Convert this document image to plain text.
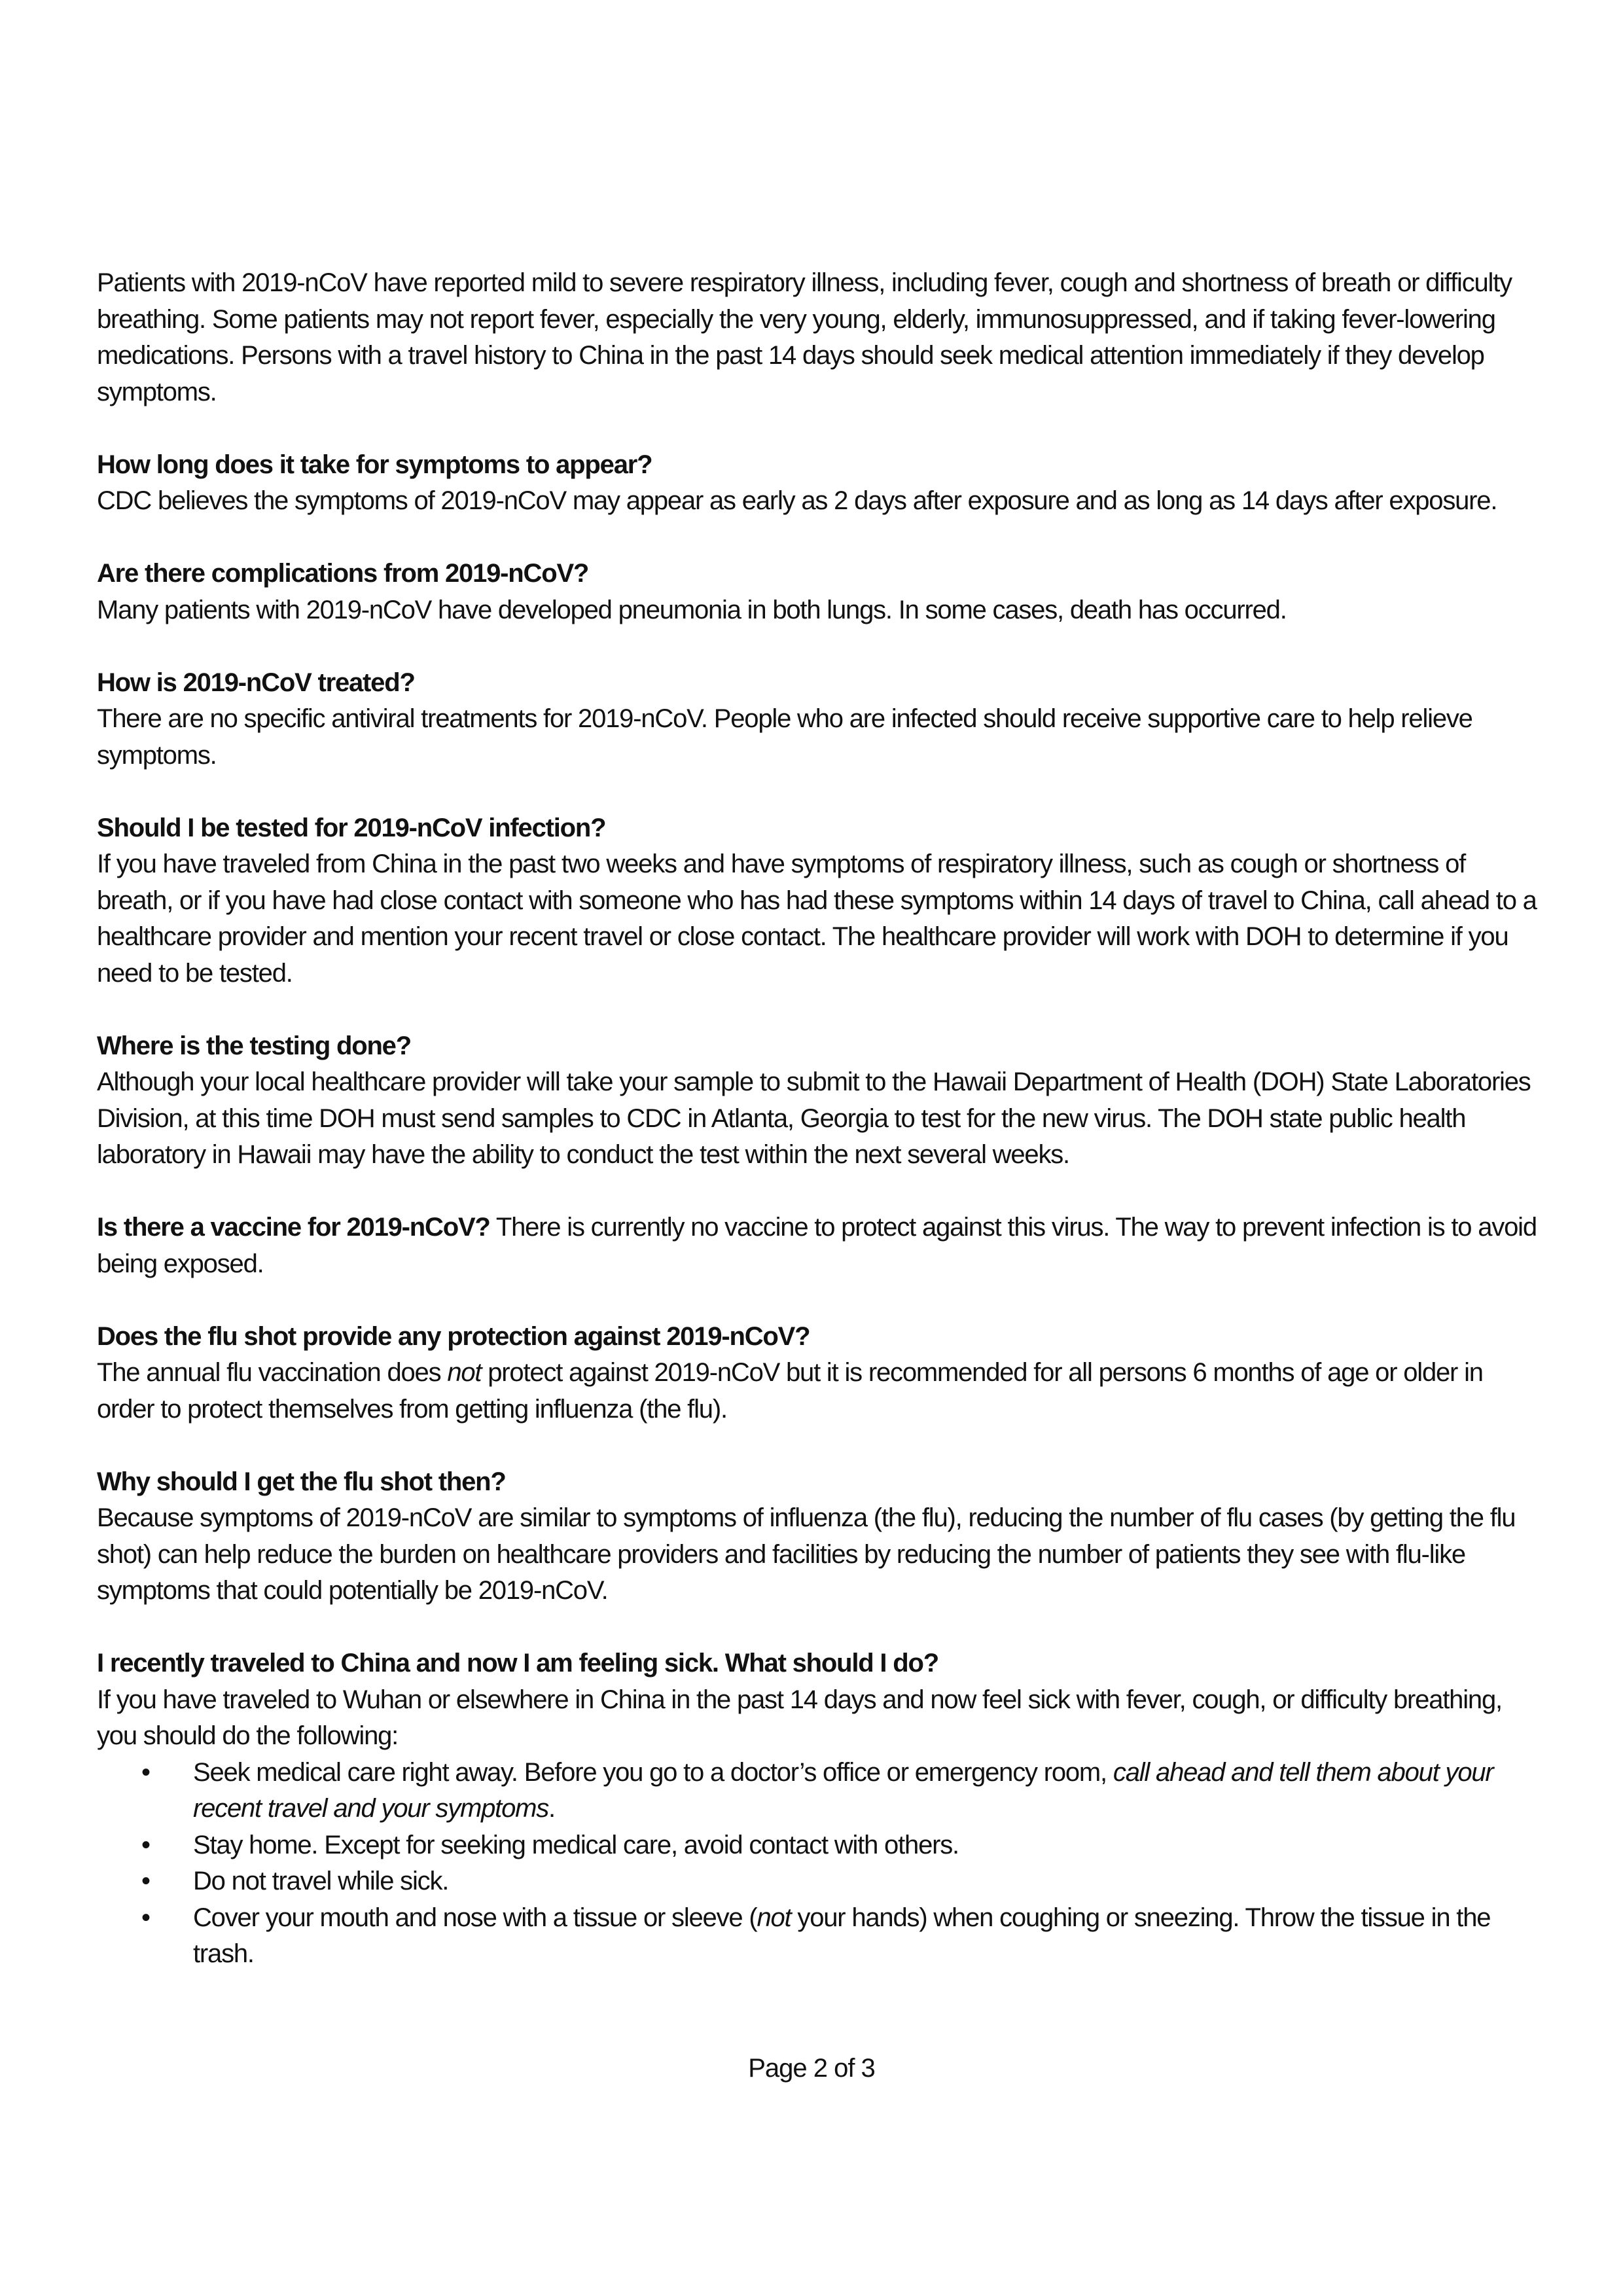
Patients with 2019-nCoV have reported mild to severe respiratory illness, including fever, cough and shortness of breath or difficulty breathing. Some patients may not report fever, especially the very young, elderly, immunosuppressed, and if taking fever-lowering medications. Persons with a travel history to China in the past 14 days should seek medical attention immediately if they develop symptoms.

How long does it take for symptoms to appear?
CDC believes the symptoms of 2019-nCoV may appear as early as 2 days after exposure and as long as 14 days after exposure.

Are there complications from 2019-nCoV?
Many patients with 2019-nCoV have developed pneumonia in both lungs. In some cases, death has occurred.

How is 2019-nCoV treated?
There are no specific antiviral treatments for 2019-nCoV. People who are infected should receive supportive care to help relieve symptoms.

Should I be tested for 2019-nCoV infection?
If you have traveled from China in the past two weeks and have symptoms of respiratory illness, such as cough or shortness of breath, or if you have had close contact with someone who has had these symptoms within 14 days of travel to China, call ahead to a healthcare provider and mention your recent travel or close contact. The healthcare provider will work with DOH to determine if you need to be tested.

Where is the testing done?
Although your local healthcare provider will take your sample to submit to the Hawaii Department of Health (DOH) State Laboratories Division, at this time DOH must send samples to CDC in Atlanta, Georgia to test for the new virus. The DOH state public health laboratory in Hawaii may have the ability to conduct the test within the next several weeks.

Is there a vaccine for 2019-nCoV? There is currently no vaccine to protect against this virus. The way to prevent infection is to avoid being exposed.

Does the flu shot provide any protection against 2019-nCoV?
The annual flu vaccination does not protect against 2019-nCoV but it is recommended for all persons 6 months of age or older in order to protect themselves from getting influenza (the flu).

Why should I get the flu shot then?
Because symptoms of 2019-nCoV are similar to symptoms of influenza (the flu), reducing the number of flu cases (by getting the flu shot) can help reduce the burden on healthcare providers and facilities by reducing the number of patients they see with flu-like symptoms that could potentially be 2019-nCoV.

I recently traveled to China and now I am feeling sick. What should I do?
If you have traveled to Wuhan or elsewhere in China in the past 14 days and now feel sick with fever, cough, or difficulty breathing, you should do the following:
• Seek medical care right away. Before you go to a doctor’s office or emergency room, call ahead and tell them about your recent travel and your symptoms.
• Stay home. Except for seeking medical care, avoid contact with others.
• Do not travel while sick.
• Cover your mouth and nose with a tissue or sleeve (not your hands) when coughing or sneezing. Throw the tissue in the trash.
Page 2 of 3
